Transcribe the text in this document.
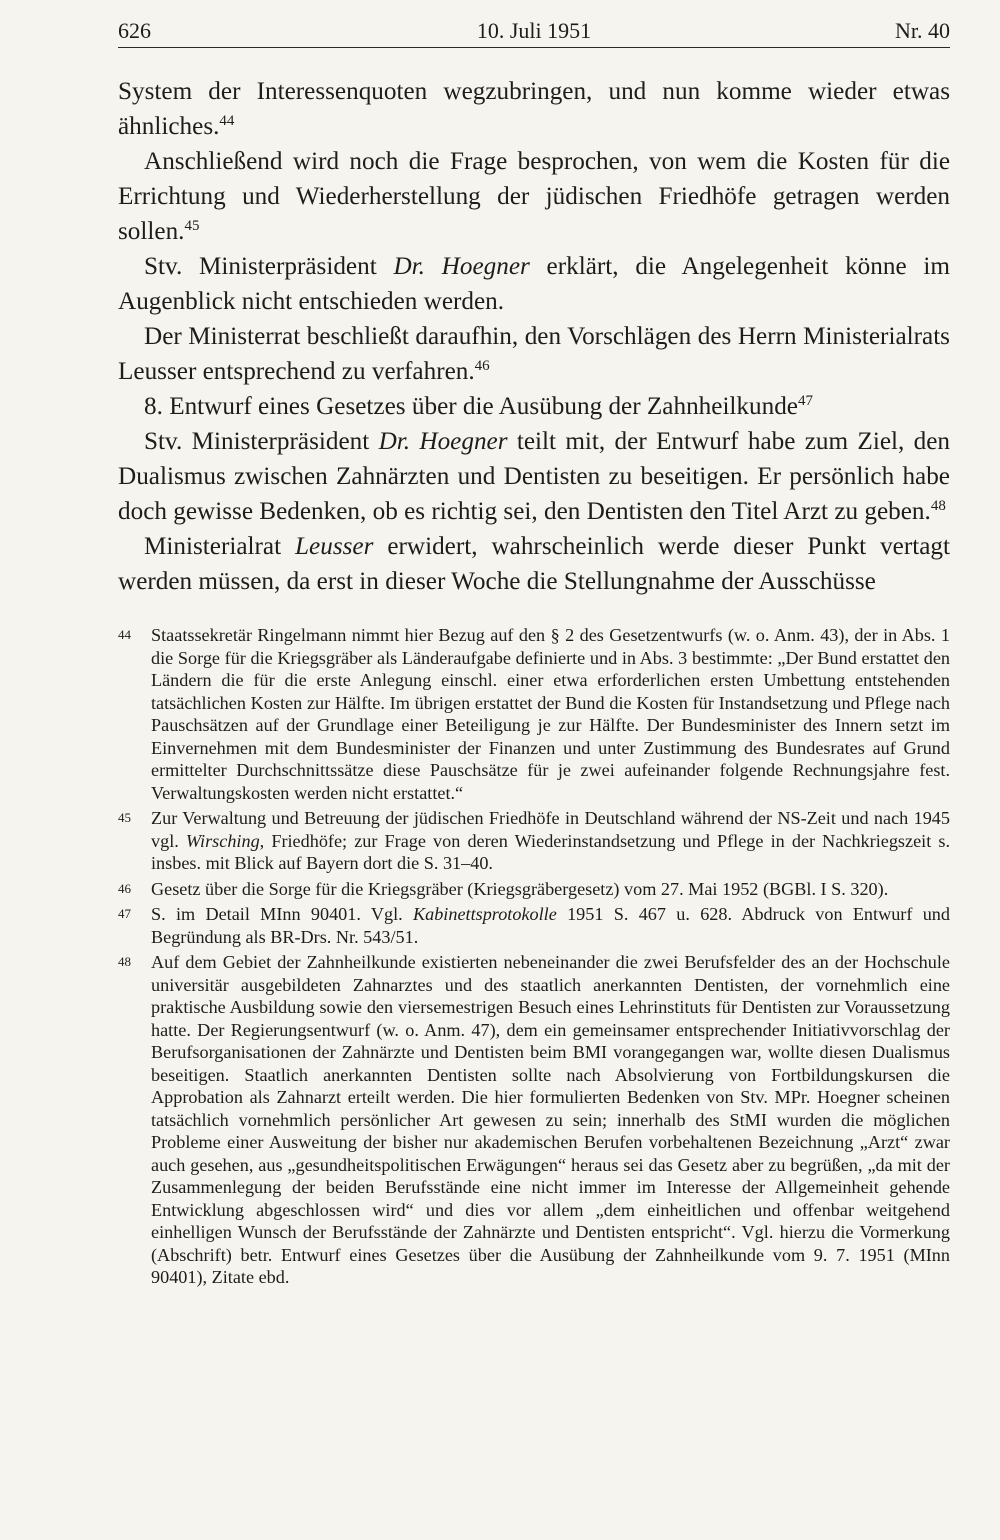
626	10. Juli 1951	Nr. 40

System der Interessenquoten wegzubringen, und nun komme wieder etwas ähnliches.$^{44}$

Anschließend wird noch die Frage besprochen, von wem die Kosten für die Errichtung und Wiederherstellung der jüdischen Friedhöfe getragen werden sollen.$^{45}$

Stv. Ministerpräsident Dr. Hoegner erklärt, die Angelegenheit könne im Augenblick nicht entschieden werden.

Der Ministerrat beschließt daraufhin, den Vorschlägen des Herrn Ministerialrats Leusser entsprechend zu verfahren.$^{46}$

8. Entwurf eines Gesetzes über die Ausübung der Zahnheilkunde$^{47}$

Stv. Ministerpräsident Dr. Hoegner teilt mit, der Entwurf habe zum Ziel, den Dualismus zwischen Zahnärzten und Dentisten zu beseitigen. Er persönlich habe doch gewisse Bedenken, ob es richtig sei, den Dentisten den Titel Arzt zu geben.$^{48}$

Ministerialrat Leusser erwidert, wahrscheinlich werde dieser Punkt vertagt werden müssen, da erst in dieser Woche die Stellungnahme der Ausschüsse

44 Staatssekretär Ringelmann nimmt hier Bezug auf den § 2 des Gesetzentwurfs (w. o. Anm. 43), der in Abs. 1 die Sorge für die Kriegsgräber als Länderaufgabe definierte und in Abs. 3 bestimmte: „Der Bund erstattet den Ländern die für die erste Anlegung einschl. einer etwa erforderlichen ersten Umbettung entstehenden tatsächlichen Kosten zur Hälfte. Im übrigen erstattet der Bund die Kosten für Instandsetzung und Pflege nach Pauschsätzen auf der Grundlage einer Beteiligung je zur Hälfte. Der Bundesminister des Innern setzt im Einvernehmen mit dem Bundesminister der Finanzen und unter Zustimmung des Bundesrates auf Grund ermittelter Durchschnittssätze diese Pauschsätze für je zwei aufeinander folgende Rechnungsjahre fest. Verwaltungskosten werden nicht erstattet.“
45 Zur Verwaltung und Betreuung der jüdischen Friedhöfe in Deutschland während der NS-Zeit und nach 1945 vgl. Wirsching, Friedhöfe; zur Frage von deren Wiederinstandsetzung und Pflege in der Nachkriegszeit s. insbes. mit Blick auf Bayern dort die S. 31–40.
46 Gesetz über die Sorge für die Kriegsgräber (Kriegsgräbergesetz) vom 27. Mai 1952 (BGBl. I S. 320).
47 S. im Detail MInn 90401. Vgl. Kabinettsprotokolle 1951 S. 467 u. 628. Abdruck von Entwurf und Begründung als BR-Drs. Nr. 543/51.
48 Auf dem Gebiet der Zahnheilkunde existierten nebeneinander die zwei Berufsfelder des an der Hochschule universitär ausgebildeten Zahnarztes und des staatlich anerkannten Dentisten, der vornehmlich eine praktische Ausbildung sowie den viersemestrigen Besuch eines Lehrinstituts für Dentisten zur Voraussetzung hatte. Der Regierungsentwurf (w. o. Anm. 47), dem ein gemeinsamer entsprechender Initiativvorschlag der Berufsorganisationen der Zahnärzte und Dentisten beim BMI vorangegangen war, wollte diesen Dualismus beseitigen. Staatlich anerkannten Dentisten sollte nach Absolvierung von Fortbildungskursen die Approbation als Zahnarzt erteilt werden. Die hier formulierten Bedenken von Stv. MPr. Hoegner scheinen tatsächlich vornehmlich persönlicher Art gewesen zu sein; innerhalb des StMI wurden die möglichen Probleme einer Ausweitung der bisher nur akademischen Berufen vorbehaltenen Bezeichnung „Arzt“ zwar auch gesehen, aus „gesundheitspolitischen Erwägungen“ heraus sei das Gesetz aber zu begrüßen, „da mit der Zusammenlegung der beiden Berufsstände eine nicht immer im Interesse der Allgemeinheit gehende Entwicklung abgeschlossen wird“ und dies vor allem „dem einheitlichen und offenbar weitgehend einhelligen Wunsch der Berufsstände der Zahnärzte und Dentisten entspricht“. Vgl. hierzu die Vormerkung (Abschrift) betr. Entwurf eines Gesetzes über die Ausübung der Zahnheilkunde vom 9. 7. 1951 (MInn 90401), Zitate ebd.
